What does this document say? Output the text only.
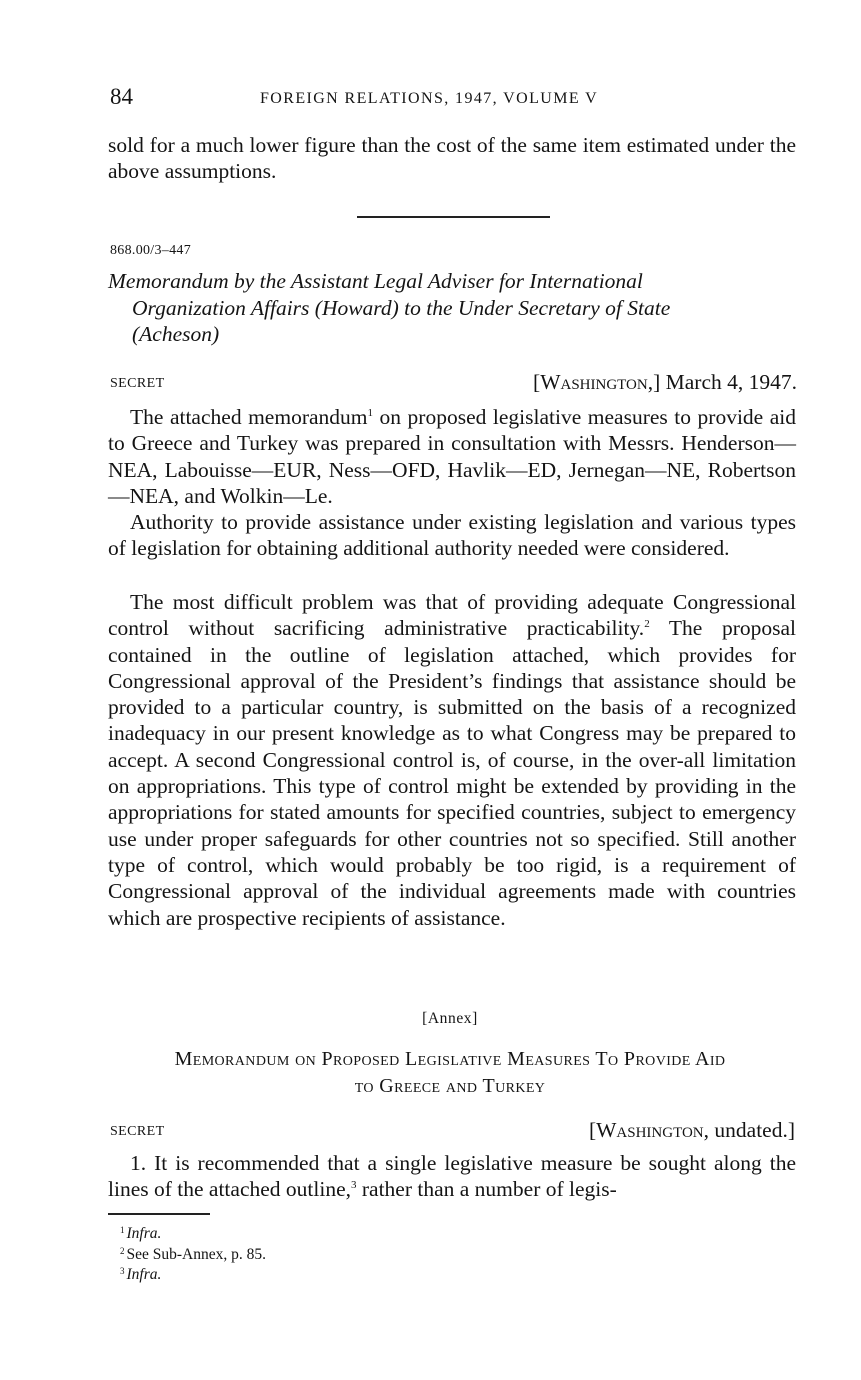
84	FOREIGN RELATIONS, 1947, VOLUME V
sold for a much lower figure than the cost of the same item estimated under the above assumptions.
868.00/3–447
Memorandum by the Assistant Legal Adviser for International
Organization Affairs (Howard) to the Under Secretary of State
(Acheson)
SECRET	[Washington,] March 4, 1947.
The attached memorandum$^1$ on proposed legislative measures to provide aid to Greece and Turkey was prepared in consultation with Messrs. Henderson—NEA, Labouisse—EUR, Ness—OFD, Havlik—ED, Jernegan—NE, Robertson—NEA, and Wolkin—Le.
Authority to provide assistance under existing legislation and various types of legislation for obtaining additional authority needed were considered.
The most difficult problem was that of providing adequate Congressional control without sacrificing administrative practicability.$^2$ The proposal contained in the outline of legislation attached, which provides for Congressional approval of the President’s findings that assistance should be provided to a particular country, is submitted on the basis of a recognized inadequacy in our present knowledge as to what Congress may be prepared to accept. A second Congressional control is, of course, in the over-all limitation on appropriations. This type of control might be extended by providing in the appropriations for stated amounts for specified countries, subject to emergency use under proper safeguards for other countries not so specified. Still another type of control, which would probably be too rigid, is a requirement of Congressional approval of the individual agreements made with countries which are prospective recipients of assistance.
[Annex]
Memorandum on Proposed Legislative Measures To Provide Aid
to Greece and Turkey
SECRET	[Washington, undated.]
1. It is recommended that a single legislative measure be sought along the lines of the attached outline,$^3$ rather than a number of legis-
$^1$ Infra.
$^2$ See Sub-Annex, p. 85.
$^3$ Infra.
